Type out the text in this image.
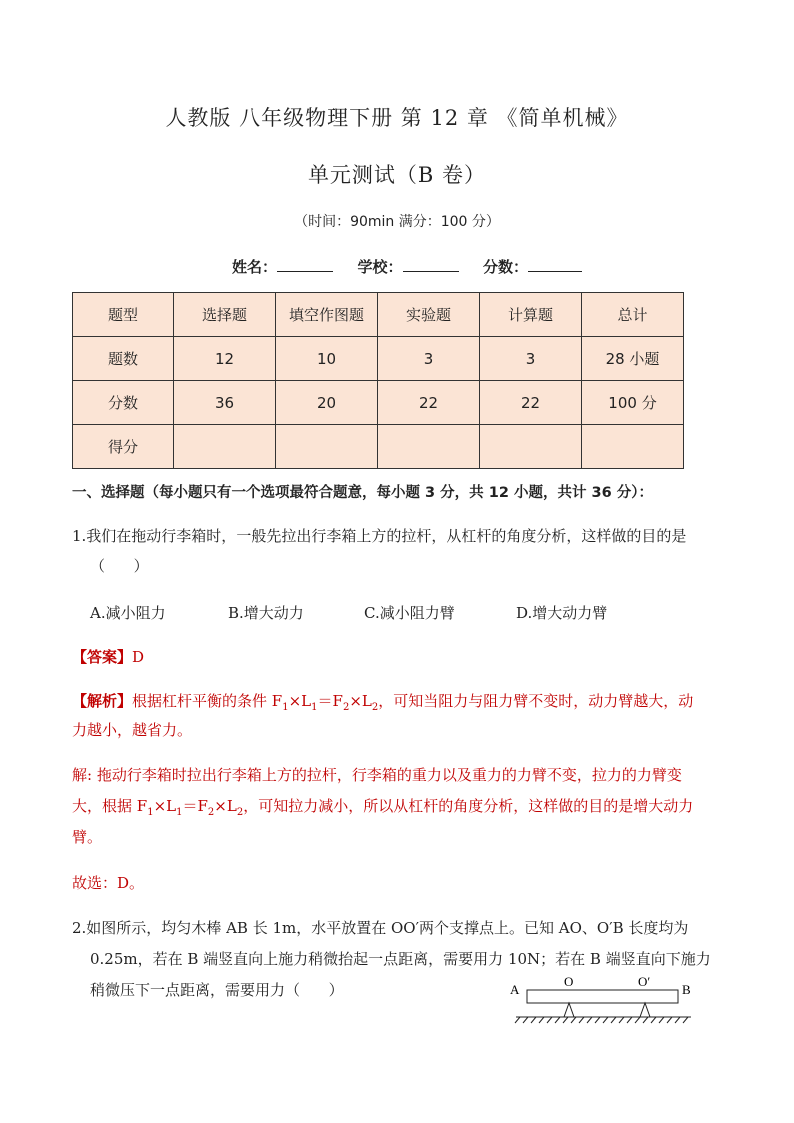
人教版 八年级物理下册 第 12 章 《简单机械》
单元测试（B 卷）
（时间：90min 满分：100 分）
姓名：	学校：	分数：
题型	选择题	填空作图题	实验题	计算题	总计
题数	12	10	3	3	28 小题
分数	36	20	22	22	100 分
得分					
一、选择题（每小题只有一个选项最符合题意，每小题 3 分，共 12 小题，共计 36 分）：
1.我们在拖动行李箱时，一般先拉出行李箱上方的拉杆，从杠杆的角度分析，这样做的目的是
（      ）
A.减小阻力	B.增大动力	C.减小阻力臂	D.增大动力臂
【答案】D
【解析】根据杠杆平衡的条件 $F_1\times L_1=F_2\times L_2$，可知当阻力与阻力臂不变时，动力臂越大，动
力越小，越省力。
解: 拖动行李箱时拉出行李箱上方的拉杆，行李箱的重力以及重力的力臂不变，拉力的力臂变
大，根据 $F_1\times L_1=F_2\times L_2$，可知拉力减小，所以从杠杆的角度分析，这样做的目的是增大动力
臂。
故选：D。
2.如图所示，均匀木棒 AB 长 1m，水平放置在 OO′两个支撑点上。已知 AO、O′B 长度均为
0.25m，若在 B 端竖直向上施力稍微抬起一点距离，需要用力 10N；若在 B 端竖直向下施力
稍微压下一点距离，需要用力（      ）	A
O	O′
B
